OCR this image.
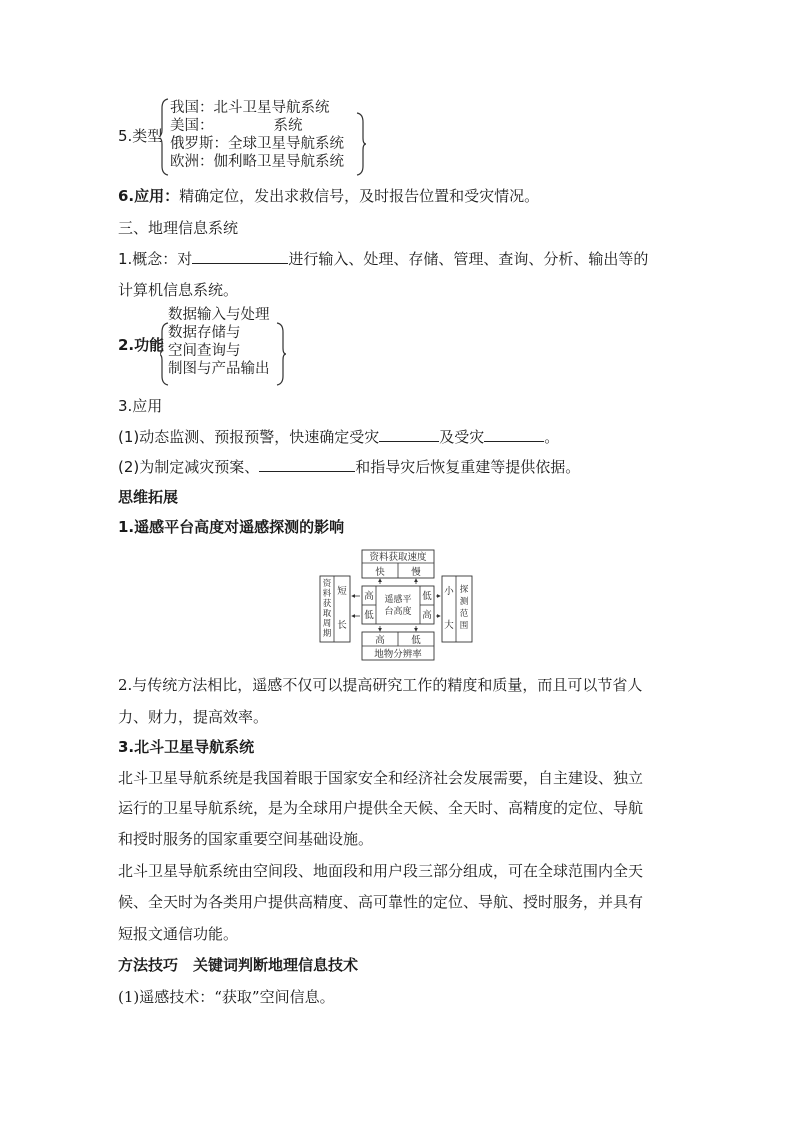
5.类型
我国：北斗卫星导航系统
美国：	系统
俄罗斯：全球卫星导航系统
欧洲：伽利略卫星导航系统
6.应用：精确定位，发出求救信号，及时报告位置和受灾情况。
三、地理信息系统
1.概念：对	进行输入、处理、存储、管理、查询、分析、输出等的
计算机信息系统。
2.功能
数据输入与处理
数据存储与
空间查询与
制图与产品输出
3.应用
(1)动态监测、预报预警，快速确定受灾	及受灾	。
(2)为制定减灾预案、	和指导灾后恢复重建等提供依据。
思维拓展
1.遥感平台高度对遥感探测的影响
资料获取速度
快	慢
高	低
地物分辨率
资
料
获
取
周
期
短
长
小
大
探
测
范
围
高
低
低
高
遥感平
台高度
2.与传统方法相比，遥感不仅可以提高研究工作的精度和质量，而且可以节省人
力、财力，提高效率。
3.北斗卫星导航系统
北斗卫星导航系统是我国着眼于国家安全和经济社会发展需要，自主建设、独立
运行的卫星导航系统，是为全球用户提供全天候、全天时、高精度的定位、导航
和授时服务的国家重要空间基础设施。
北斗卫星导航系统由空间段、地面段和用户段三部分组成，可在全球范围内全天
候、全天时为各类用户提供高精度、高可靠性的定位、导航、授时服务，并具有
短报文通信功能。
方法技巧　关键词判断地理信息技术
(1)遥感技术：“获取”空间信息。
